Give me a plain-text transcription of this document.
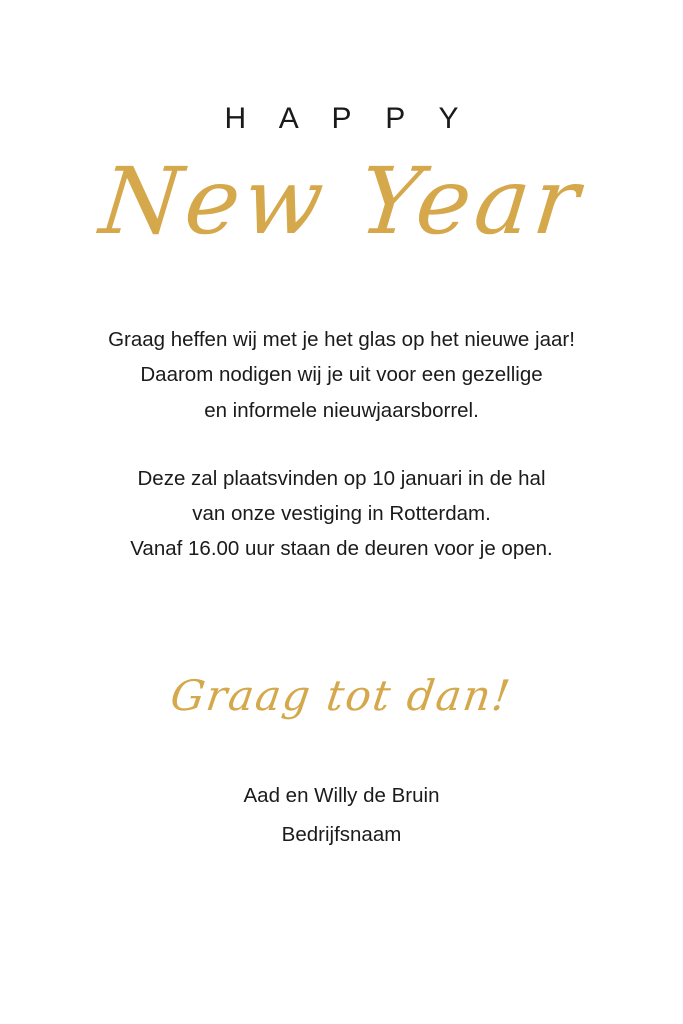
H A P P Y
New Year

Graag heffen wij met je het glas op het nieuwe jaar!

Daarom nodigen wij je uit voor een gezellige

en informele nieuwjaarsborrel.

Deze zal plaatsvinden op 10 januari in de hal

van onze vestiging in Rotterdam.

Vanaf 16.00 uur staan de deuren voor je open.

Graag tot dan!
Aad en Willy de Bruin
Bedrijfsnaam
